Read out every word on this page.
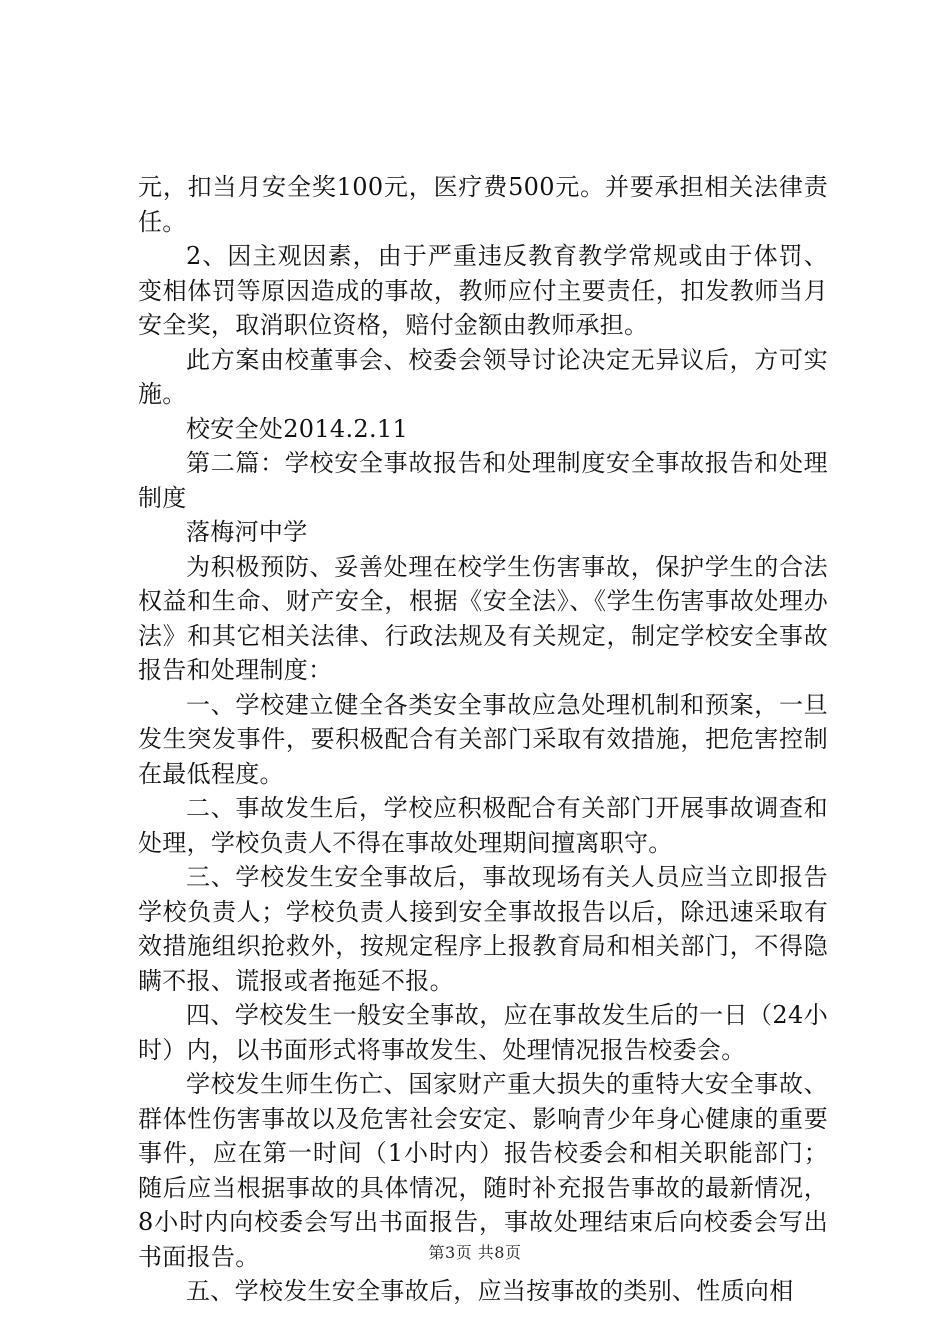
元，扣当月安全奖100元，医疗费500元。并要承担相关法律责任。

2、因主观因素，由于严重违反教育教学常规或由于体罚、变相体罚等原因造成的事故，教师应付主要责任，扣发教师当月安全奖，取消职位资格，赔付金额由教师承担。

此方案由校董事会、校委会领导讨论决定无异议后，方可实施。

校安全处2014.2.11

第二篇：学校安全事故报告和处理制度安全事故报告和处理制度

落梅河中学

为积极预防、妥善处理在校学生伤害事故，保护学生的合法权益和生命、财产安全，根据《安全法》、《学生伤害事故处理办法》和其它相关法律、行政法规及有关规定，制定学校安全事故报告和处理制度：

一、学校建立健全各类安全事故应急处理机制和预案，一旦发生突发事件，要积极配合有关部门采取有效措施，把危害控制在最低程度。

二、事故发生后，学校应积极配合有关部门开展事故调查和处理，学校负责人不得在事故处理期间擅离职守。

三、学校发生安全事故后，事故现场有关人员应当立即报告学校负责人；学校负责人接到安全事故报告以后，除迅速采取有效措施组织抢救外，按规定程序上报教育局和相关部门，不得隐瞒不报、谎报或者拖延不报。

四、学校发生一般安全事故，应在事故发生后的一日（24小时）内，以书面形式将事故发生、处理情况报告校委会。

学校发生师生伤亡、国家财产重大损失的重特大安全事故、群体性伤害事故以及危害社会安定、影响青少年身心健康的重要事件，应在第一时间（1小时内）报告校委会和相关职能部门；随后应当根据事故的具体情况，随时补充报告事故的最新情况，8小时内向校委会写出书面报告，事故处理结束后向校委会写出书面报告。

五、学校发生安全事故后，应当按事故的类别、性质向相

第3页 共8页
